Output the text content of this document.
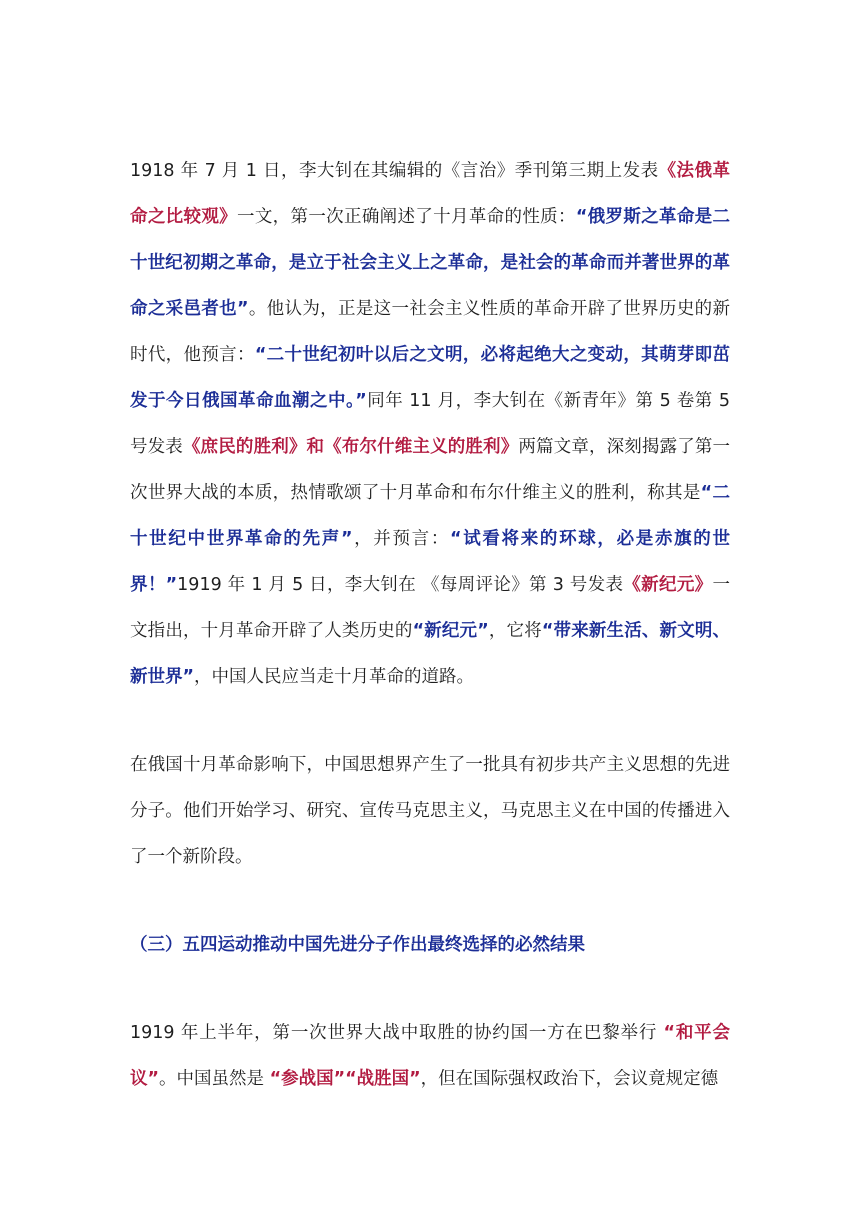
1918 年 7 月 1 日，李大钊在其编辑的《言治》季刊第三期上发表《法俄革命之比较观》一文，第一次正确阐述了十月革命的性质：“俄罗斯之革命是二十世纪初期之革命，是立于社会主义上之革命，是社会的革命而并著世界的革命之采邑者也”。他认为，正是这一社会主义性质的革命开辟了世界历史的新时代，他预言：“二十世纪初叶以后之文明，必将起绝大之变动，其萌芽即茁发于今日俄国革命血潮之中。”同年 11 月，李大钊在《新青年》第 5 卷第 5 号发表《庶民的胜利》和《布尔什维主义的胜利》两篇文章，深刻揭露了第一次世界大战的本质，热情歌颂了十月革命和布尔什维主义的胜利，称其是“二十世纪中世界革命的先声”，并预言：“试看将来的环球，必是赤旗的世界！”1919 年 1 月 5 日，李大钊在 《每周评论》第 3 号发表《新纪元》一文指出，十月革命开辟了人类历史的“新纪元”，它将“带来新生活、新文明、新世界”，中国人民应当走十月革命的道路。

在俄国十月革命影响下，中国思想界产生了一批具有初步共产主义思想的先进分子。他们开始学习、研究、宣传马克思主义，马克思主义在中国的传播进入了一个新阶段。

（三）五四运动推动中国先进分子作出最终选择的必然结果

1919 年上半年，第一次世界大战中取胜的协约国一方在巴黎举行 “和平会议”。中国虽然是 “参战国”“战胜国”，但在国际强权政治下，会议竟规定德
